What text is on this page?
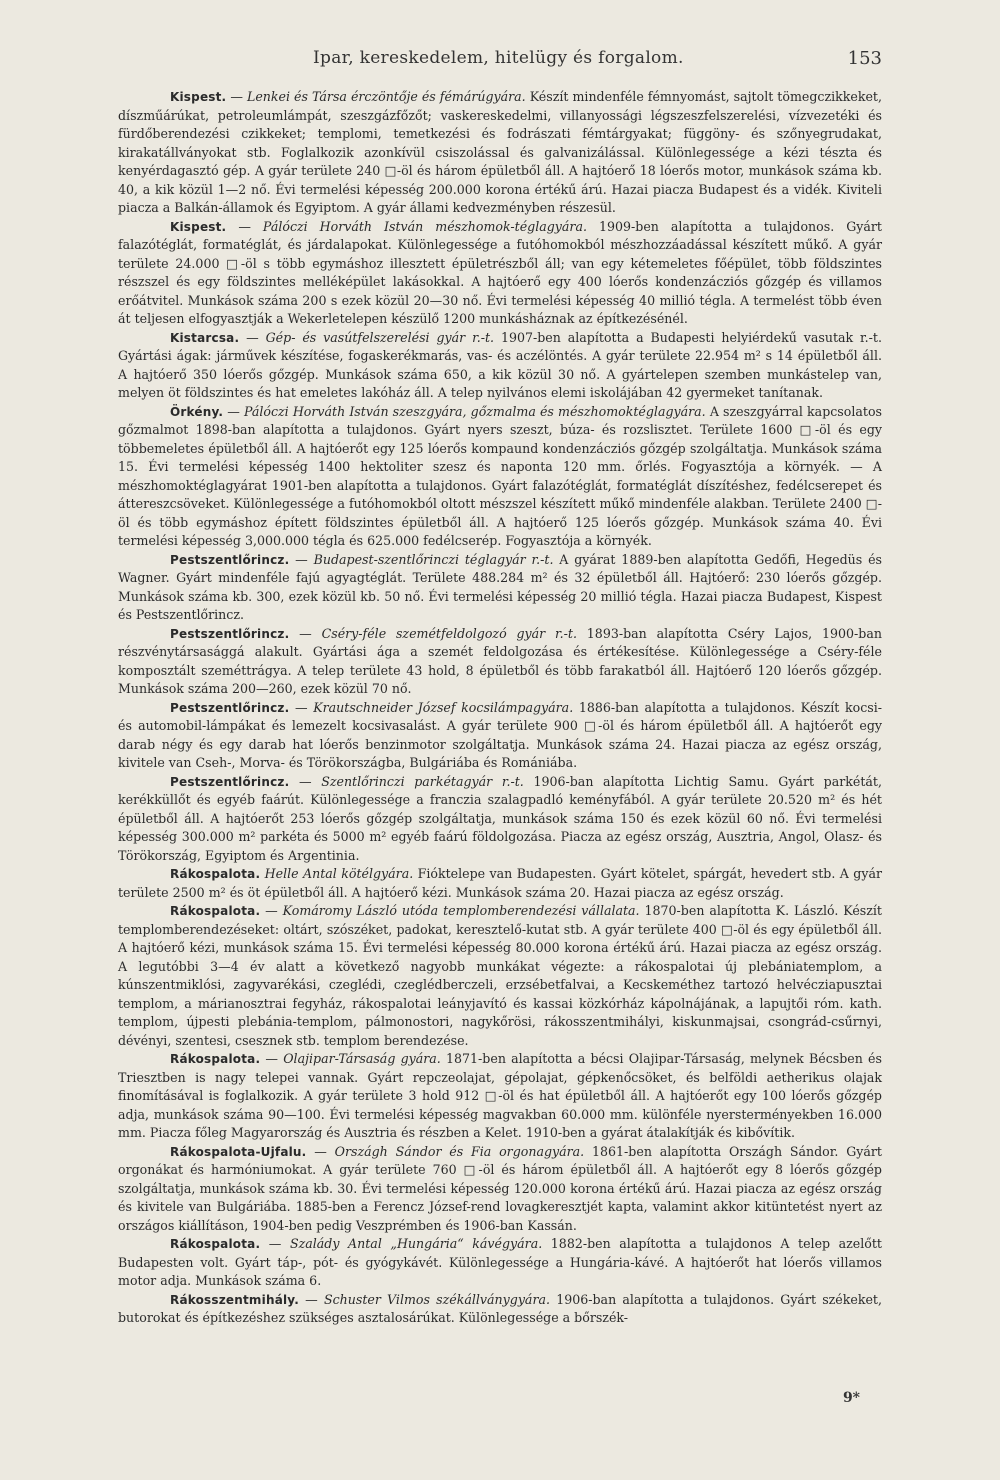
Ipar, kereskedelem, hitelügy és forgalom.	153

Kispest. — Lenkei és Társa érczöntője és fémárúgyára. Készít mindenféle fémnyomást, sajtolt tömegczikkeket, díszműárúkat, petroleumlámpát, szeszgázfőzőt; vaskereskedelmi, villanyossági légszeszfelszerelési, vízvezetéki és fürdőberendezési czikkeket; templomi, temetkezési és fodrászati fémtárgyakat; függöny- és szőnyegrudakat, kirakatállványokat stb. Foglalkozik azonkívül csiszolással és galvanizálással. Különlegessége a kézi tészta és kenyérdagasztó gép. A gyár területe 240 □-öl és három épületből áll. A hajtóerő 18 lóerős motor, munkások száma kb. 40, a kik közül 1—2 nő. Évi termelési képesség 200.000 korona értékű árú. Hazai piacza Budapest és a vidék. Kiviteli piacza a Balkán-államok és Egyiptom. A gyár állami kedvezményben részesül.

Kispest. — Pálóczi Horváth István mészhomok-téglagyára. 1909-ben alapította a tulajdonos. Gyárt falazótéglát, formatéglát, és járdalapokat. Különlegessége a futóhomokból mészhozzáadással készített műkő. A gyár területe 24.000 □-öl s több egymáshoz illesztett épületrészből áll; van egy kétemeletes főépület, több földszintes részszel és egy földszintes melléképület lakásokkal. A hajtóerő egy 400 lóerős kondenzácziós gőzgép és villamos erőátvitel. Munkások száma 200 s ezek közül 20—30 nő. Évi termelési képesség 40 millió tégla. A termelést több éven át teljesen elfogyasztják a Wekerletelepen készülő 1200 munkásháznak az építkezésénél.

Kistarcsa. — Gép- és vasútfelszerelési gyár r.-t. 1907-ben alapította a Budapesti helyiérdekű vasutak r.-t. Gyártási ágak: járművek készítése, fogaskerékmarás, vas- és aczélöntés. A gyár területe 22.954 m² s 14 épületből áll. A hajtóerő 350 lóerős gőzgép. Munkások száma 650, a kik közül 30 nő. A gyártelepen szemben munkástelep van, melyen öt földszintes és hat emeletes lakóház áll. A telep nyilvános elemi iskolájában 42 gyermeket tanítanak.

Örkény. — Pálóczi Horváth István szeszgyára, gőzmalma és mészhomoktéglagyára. A szeszgyárral kapcsolatos gőzmalmot 1898-ban alapította a tulajdonos. Gyárt nyers szeszt, búza- és rozslisztet. Területe 1600 □-öl és egy többemeletes épületből áll. A hajtóerőt egy 125 lóerős kompaund kondenzácziós gőzgép szolgáltatja. Munkások száma 15. Évi termelési képesség 1400 hektoliter szesz és naponta 120 mm. őrlés. Fogyasztója a környék. — A mészhomoktéglagyárat 1901-ben alapította a tulajdonos. Gyárt falazótéglát, formatéglát díszítéshez, fedélcserepet és áttereszcsöveket. Különlegessége a futóhomokból oltott mészszel készített műkő mindenféle alakban. Területe 2400 □-öl és több egymáshoz épített földszintes épületből áll. A hajtóerő 125 lóerős gőzgép. Munkások száma 40. Évi termelési képesség 3,000.000 tégla és 625.000 fedélcserép. Fogyasztója a környék.

Pestszentlőrincz. — Budapest-szentlőrinczi téglagyár r.-t. A gyárat 1889-ben alapította Gedőfi, Hegedüs és Wagner. Gyárt mindenféle fajú agyagtéglát. Területe 488.284 m² és 32 épületből áll. Hajtóerő: 230 lóerős gőzgép. Munkások száma kb. 300, ezek közül kb. 50 nő. Évi termelési képesség 20 millió tégla. Hazai piacza Budapest, Kispest és Pestszentlőrincz.

Pestszentlőrincz. — Cséry-féle szemétfeldolgozó gyár r.-t. 1893-ban alapította Cséry Lajos, 1900-ban részvénytársasággá alakult. Gyártási ága a szemét feldolgozása és értékesítése. Különlegessége a Cséry-féle komposztált szeméttrágya. A telep területe 43 hold, 8 épületből és több farakatból áll. Hajtóerő 120 lóerős gőzgép. Munkások száma 200—260, ezek közül 70 nő.

Pestszentlőrincz. — Krautschneider József kocsilámpagyára. 1886-ban alapította a tulajdonos. Készít kocsi- és automobil-lámpákat és lemezelt kocsivasalást. A gyár területe 900 □-öl és három épületből áll. A hajtóerőt egy darab négy és egy darab hat lóerős benzinmotor szolgáltatja. Munkások száma 24. Hazai piacza az egész ország, kivitele van Cseh-, Morva- és Törökországba, Bulgáriába és Romániába.

Pestszentlőrincz. — Szentlőrinczi parkétagyár r.-t. 1906-ban alapította Lichtig Samu. Gyárt parkétát, kerékküllőt és egyéb faárút. Különlegessége a franczia szalagpadló keményfából. A gyár területe 20.520 m² és hét épületből áll. A hajtóerőt 253 lóerős gőzgép szolgáltatja, munkások száma 150 és ezek közül 60 nő. Évi termelési képesség 300.000 m² parkéta és 5000 m² egyéb faárú földolgozása. Piacza az egész ország, Ausztria, Angol, Olasz- és Törökország, Egyiptom és Argentinia.

Rákospalota. Helle Antal kötélgyára. Fióktelepe van Budapesten. Gyárt kötelet, spárgát, hevedert stb. A gyár területe 2500 m² és öt épületből áll. A hajtóerő kézi. Munkások száma 20. Hazai piacza az egész ország.

Rákospalota. — Komáromy László utóda templomberendezési vállalata. 1870-ben alapította K. László. Készít templomberendezéseket: oltárt, szószéket, padokat, keresztelő-kutat stb. A gyár területe 400 □-öl és egy épületből áll. A hajtóerő kézi, munkások száma 15. Évi termelési képesség 80.000 korona értékű árú. Hazai piacza az egész ország. A legutóbbi 3—4 év alatt a következő nagyobb munkákat végezte: a rákospalotai új plebániatemplom, a kúnszentmiklósi, zagyvarékási, czeglédi, czeglédberczeli, erzsébetfalvai, a Kecskeméthez tartozó helvécziapusztai templom, a márianosztrai fegyház, rákospalotai leányjavító és kassai közkórház kápolnájának, a lapujtői róm. kath. templom, újpesti plebánia-templom, pálmonostori, nagykőrösi, rákosszentmihályi, kiskunmajsai, csongrád-csűrnyi, dévényi, szentesi, csesznek stb. templom berendezése.

Rákospalota. — Olajipar-Társaság gyára. 1871-ben alapította a bécsi Olajipar-Társaság, melynek Bécsben és Triesztben is nagy telepei vannak. Gyárt repczeolajat, gépolajat, gépkenőcsöket, és belföldi aetherikus olajak finomításával is foglalkozik. A gyár területe 3 hold 912 □-öl és hat épületből áll. A hajtóerőt egy 100 lóerős gőzgép adja, munkások száma 90—100. Évi termelési képesség magvakban 60.000 mm. különféle nyersterményekben 16.000 mm. Piacza főleg Magyarország és Ausztria és részben a Kelet. 1910-ben a gyárat átalakítják és kibővítik.

Rákospalota-Ujfalu. — Országh Sándor és Fia orgonagyára. 1861-ben alapította Országh Sándor. Gyárt orgonákat és harmóniumokat. A gyár területe 760 □-öl és három épületből áll. A hajtóerőt egy 8 lóerős gőzgép szolgáltatja, munkások száma kb. 30. Évi termelési képesség 120.000 korona értékű árú. Hazai piacza az egész ország és kivitele van Bulgáriába. 1885-ben a Ferencz József-rend lovagkeresztjét kapta, valamint akkor kitüntetést nyert az országos kiállításon, 1904-ben pedig Veszprémben és 1906-ban Kassán.

Rákospalota. — Szalády Antal „Hungária“ kávégyára. 1882-ben alapította a tulajdonos A telep azelőtt Budapesten volt. Gyárt táp-, pót- és gyógykávét. Különlegessége a Hungária-kávé. A hajtóerőt hat lóerős villamos motor adja. Munkások száma 6.

Rákosszentmihály. — Schuster Vilmos székállványgyára. 1906-ban alapította a tulajdonos. Gyárt székeket, butorokat és építkezéshez szükséges asztalosárúkat. Különlegessége a bőrszék-

9*
